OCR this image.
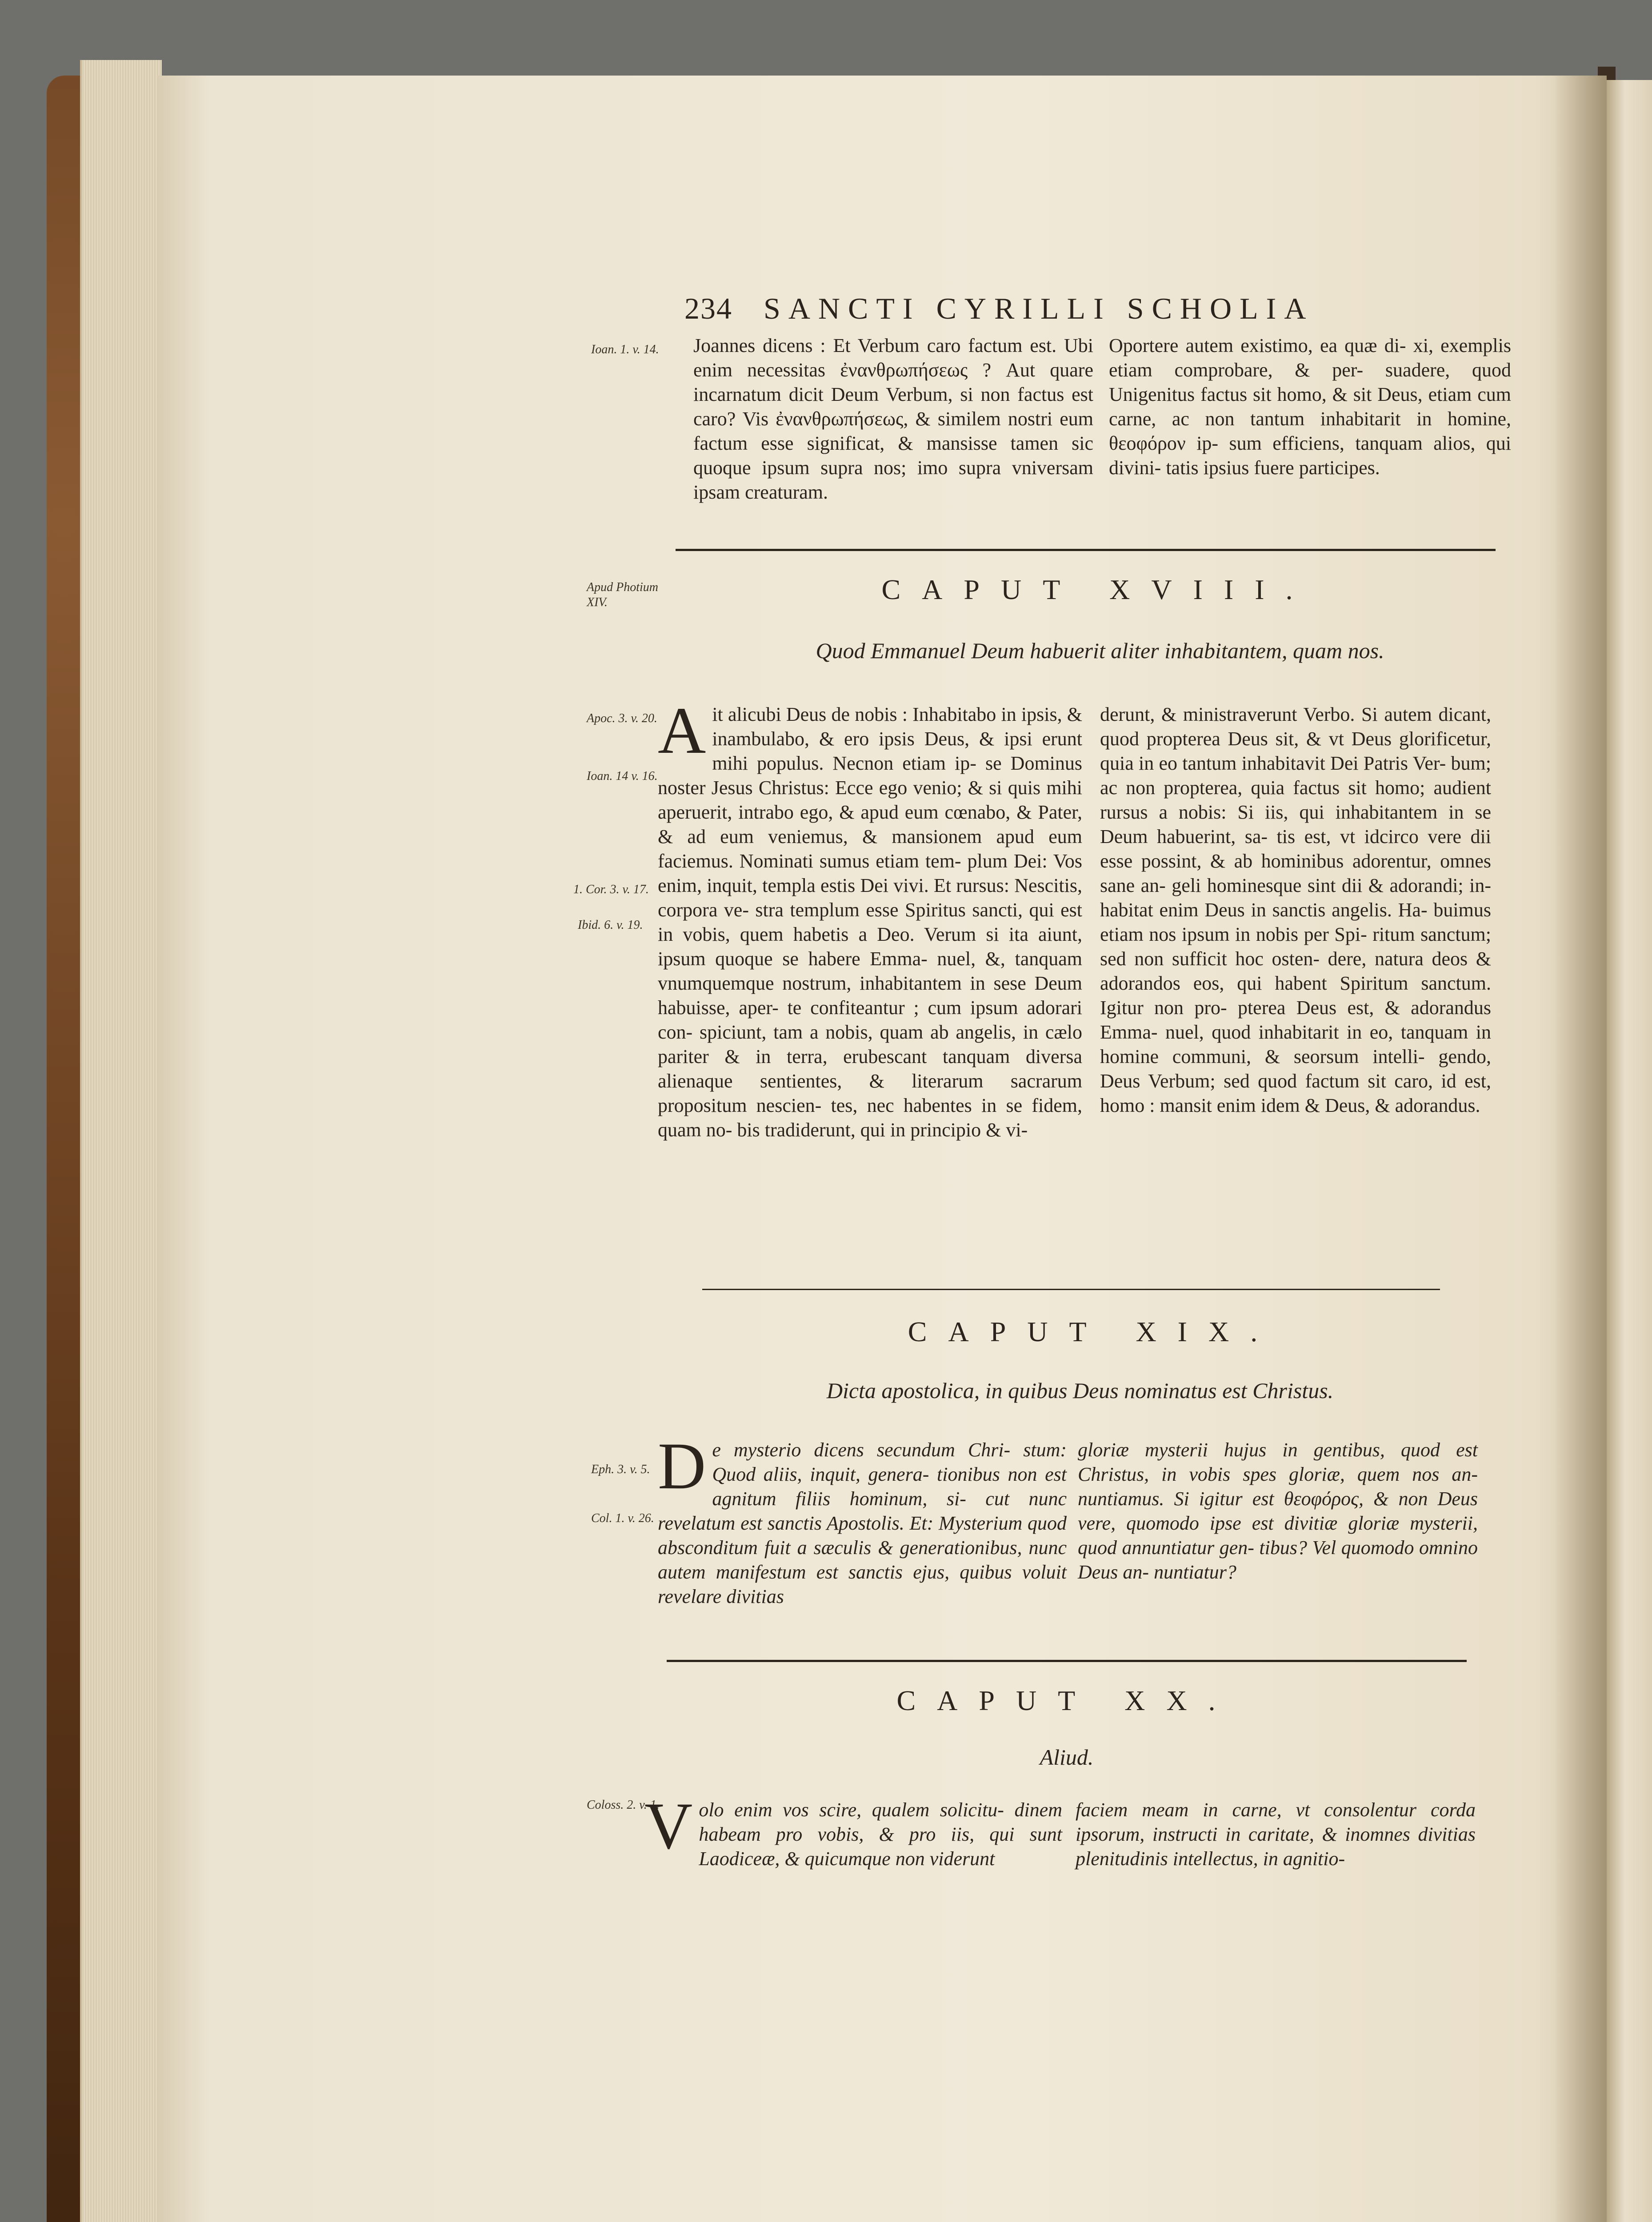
234 SANCTI CYRILLI SCHOLIA
Ioan. 1. v. 14.	Joannes dicens : Et Verbum caro factum est. Ubi enim necessitas ἐνανθρωπήσεως ? Aut quare incarnatum dicit Deum Verbum, si non factus est caro? Vis ἐνανθρωπήσεως, & similem nostri eum factum esse significat, & mansisse tamen sic quoque ipsum supra nos; imo supra vniversam ipsam creaturam.
Oportere autem existimo, ea quæ di- xi, exemplis etiam comprobare, & per- suadere, quod Unigenitus factus sit homo, & sit Deus, etiam cum carne, ac non tantum inhabitarit in homine, θεοφόρον ip- sum efficiens, tanquam alios, qui divini- tatis ipsius fuere participes.
Apud Photium XIV.	CAPUT XVIII.
Quod Emmanuel Deum habuerit aliter inhabitantem, quam nos.
Apoc. 3. v. 20.
Ioan. 14 v. 16.
1. Cor. 3. v. 17.
Ibid. 6. v. 19.
Ait alicubi Deus de nobis : Inhabitabo in ipsis, & inambulabo, & ero ipsis Deus, & ipsi erunt mihi populus. Necnon etiam ip- se Dominus noster Jesus Christus: Ecce ego venio; & si quis mihi aperuerit, intrabo ego, & apud eum cœnabo, & Pater, & ad eum veniemus, & mansionem apud eum faciemus. Nominati sumus etiam tem- plum Dei: Vos enim, inquit, templa estis Dei vivi. Et rursus: Nescitis, corpora ve- stra templum esse Spiritus sancti, qui est in vobis, quem habetis a Deo. Verum si ita aiunt, ipsum quoque se habere Emma- nuel, &, tanquam vnumquemque nostrum, inhabitantem in sese Deum habuisse, aper- te confiteantur ; cum ipsum adorari con- spiciunt, tam a nobis, quam ab angelis, in cælo pariter & in terra, erubescant tanquam diversa alienaque sentientes, & literarum sacrarum propositum nescien- tes, nec habentes in se fidem, quam no- bis tradiderunt, qui in principio & vi-
derunt, & ministraverunt Verbo. Si autem dicant, quod propterea Deus sit, & vt Deus glorificetur, quia in eo tantum inhabitavit Dei Patris Ver- bum; ac non propterea, quia factus sit homo; audient rursus a nobis: Si iis, qui inhabitantem in se Deum habuerint, sa- tis est, vt idcirco vere dii esse possint, & ab hominibus adorentur, omnes sane an- geli hominesque sint dii & adorandi; in- habitat enim Deus in sanctis angelis. Ha- buimus etiam nos ipsum in nobis per Spi- ritum sanctum; sed non sufficit hoc osten- dere, natura deos & adorandos eos, qui habent Spiritum sanctum. Igitur non pro- pterea Deus est, & adorandus Emma- nuel, quod inhabitarit in eo, tanquam in homine communi, & seorsum intelli- gendo, Deus Verbum; sed quod factum sit caro, id est, homo : mansit enim idem & Deus, & adorandus.
CAPUT XIX.
Dicta apostolica, in quibus Deus nominatus est Christus.
Eph. 3. v. 5.
Col. 1. v. 26.
De mysterio dicens secundum Chri- stum: Quod aliis, inquit, genera- tionibus non est agnitum filiis hominum, si- cut nunc revelatum est sanctis Apostolis. Et: Mysterium quod absconditum fuit a sæculis & generationibus, nunc autem manifestum est sanctis ejus, quibus voluit revelare divitias
gloriæ mysterii hujus in gentibus, quod est Christus, in vobis spes gloriæ, quem nos an- nuntiamus. Si igitur est θεοφόρος, & non Deus vere, quomodo ipse est divitiæ gloriæ mysterii, quod annuntiatur gen- tibus? Vel quomodo omnino Deus an- nuntiatur?
CAPUT XX.
Aliud.
Coloss. 2. v. 1.
Volo enim vos scire, qualem solicitu- dinem habeam pro vobis, & pro iis, qui sunt Laodiceæ, & quicumque non viderunt
faciem meam in carne, vt consolentur corda ipsorum, instructi in caritate, & inomnes divitias plenitudinis intellectus, in agnitio-
